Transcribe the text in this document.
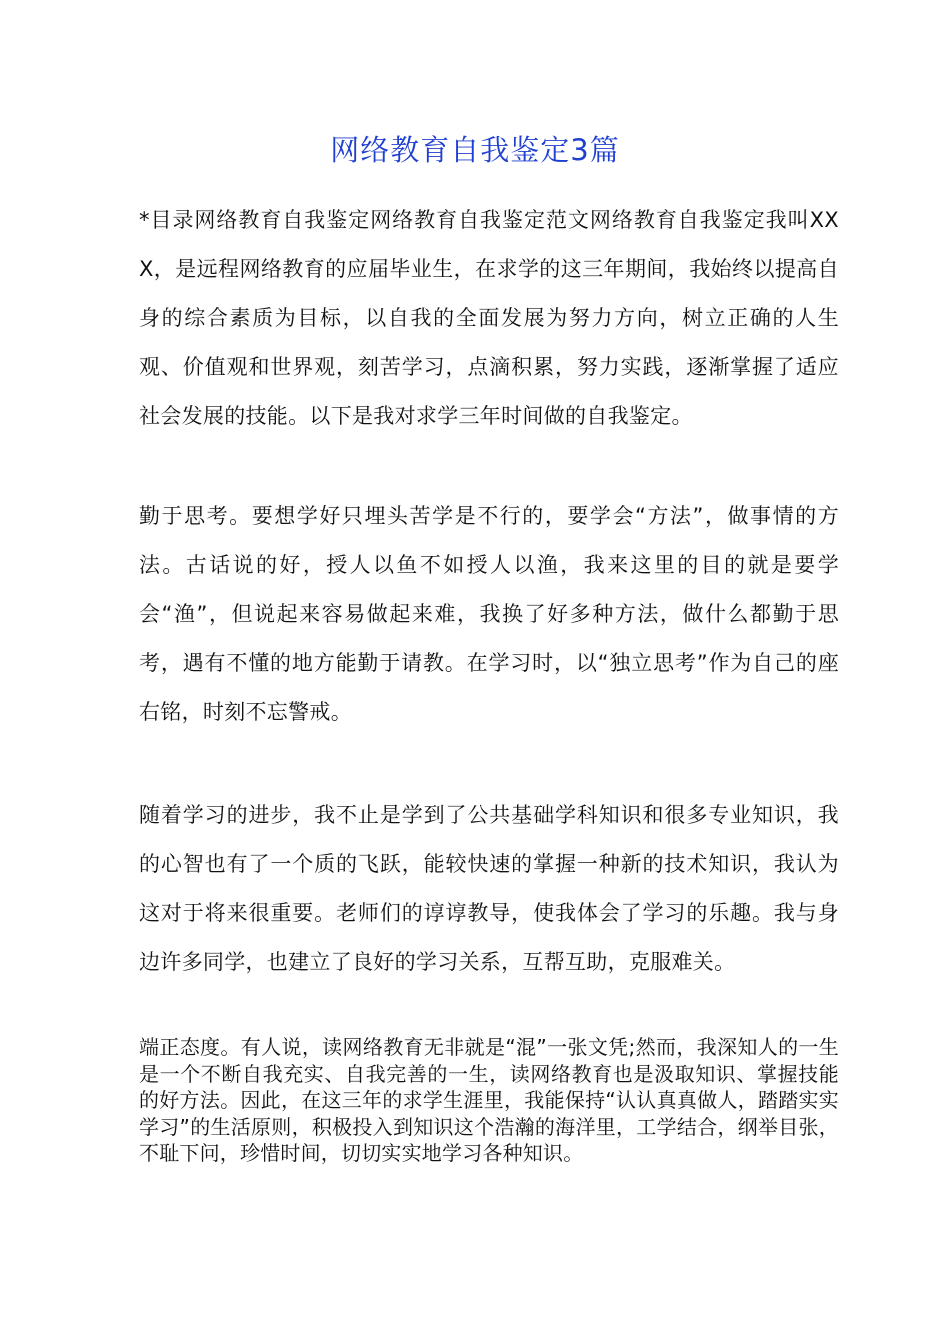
网络教育自我鉴定3篇

*目录网络教育自我鉴定网络教育自我鉴定范文网络教育自我鉴定我叫XXX，是远程网络教育的应届毕业生，在求学的这三年期间，我始终以提高自身的综合素质为目标，以自我的全面发展为努力方向，树立正确的人生观、价值观和世界观，刻苦学习，点滴积累，努力实践，逐渐掌握了适应社会发展的技能。以下是我对求学三年时间做的自我鉴定。

勤于思考。要想学好只埋头苦学是不行的，要学会“方法”，做事情的方法。古话说的好，授人以鱼不如授人以渔，我来这里的目的就是要学会“渔”，但说起来容易做起来难，我换了好多种方法，做什么都勤于思考，遇有不懂的地方能勤于请教。在学习时，以“独立思考”作为自己的座右铭，时刻不忘警戒。

随着学习的进步，我不止是学到了公共基础学科知识和很多专业知识，我的心智也有了一个质的飞跃，能较快速的掌握一种新的技术知识，我认为这对于将来很重要。老师们的谆谆教导，使我体会了学习的乐趣。我与身边许多同学，也建立了良好的学习关系，互帮互助，克服难关。

端正态度。有人说，读网络教育无非就是“混”一张文凭;然而，我深知人的一生是一个不断自我充实、自我完善的一生，读网络教育也是汲取知识、掌握技能的好方法。因此，在这三年的求学生涯里，我能保持“认认真真做人，踏踏实实学习”的生活原则，积极投入到知识这个浩瀚的海洋里，工学结合，纲举目张，不耻下问，珍惜时间，切切实实地学习各种知识。
